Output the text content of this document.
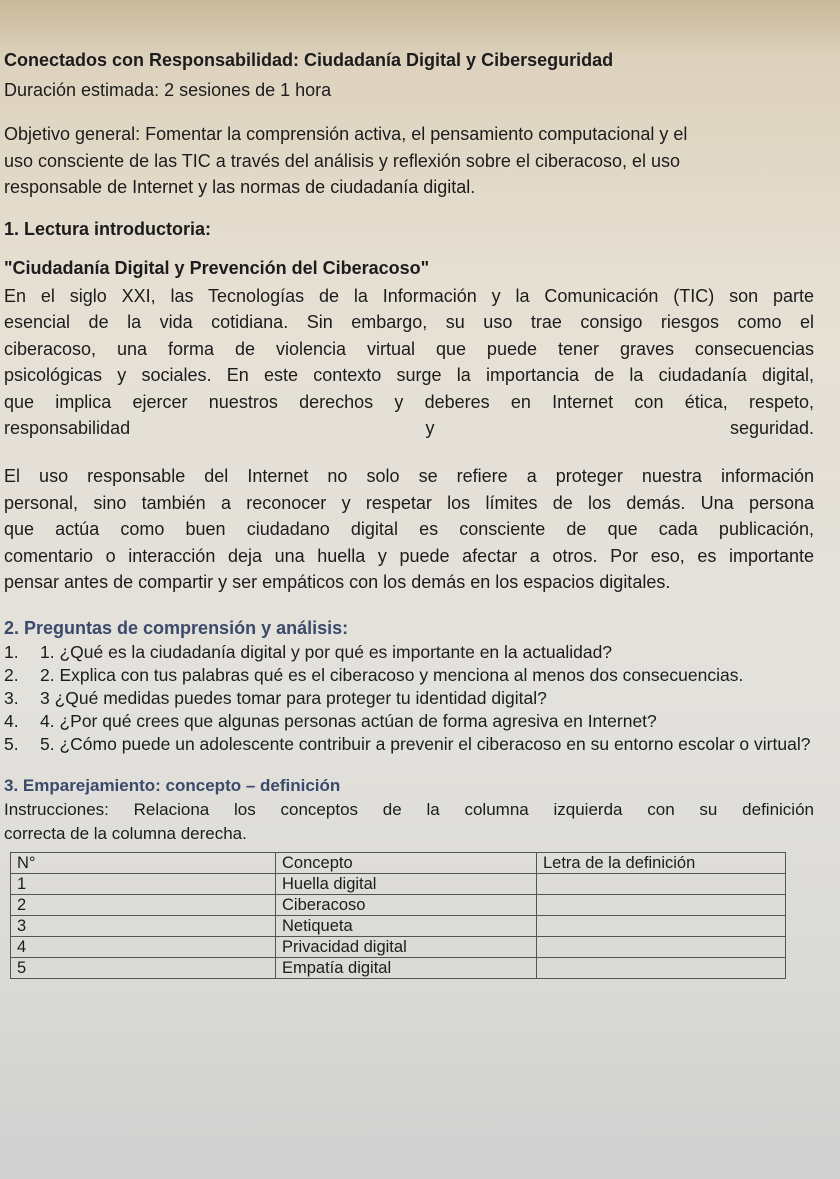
Conectados con Responsabilidad: Ciudadanía Digital y Ciberseguridad

Duración estimada: 2 sesiones de 1 hora

Objetivo general: Fomentar la comprensión activa, el pensamiento computacional y el

uso consciente de las TIC a través del análisis y reflexión sobre el ciberacoso, el uso

responsable de Internet y las normas de ciudadanía digital.

1. Lectura introductoria:

"Ciudadanía Digital y Prevención del Ciberacoso"

En el siglo XXI, las Tecnologías de la Información y la Comunicación (TIC) son parte

esencial de la vida cotidiana. Sin embargo, su uso trae consigo riesgos como el

ciberacoso, una forma de violencia virtual que puede tener graves consecuencias

psicológicas y sociales. En este contexto surge la importancia de la ciudadanía digital,

que implica ejercer nuestros derechos y deberes en Internet con ética, respeto,

responsabilidad	y	seguridad.

El uso responsable del Internet no solo se refiere a proteger nuestra información

personal, sino también a reconocer y respetar los límites de los demás. Una persona

que actúa como buen ciudadano digital es consciente de que cada publicación,

comentario o interacción deja una huella y puede afectar a otros. Por eso, es importante

pensar antes de compartir y ser empáticos con los demás en los espacios digitales.

2. Preguntas de comprensión y análisis:

1.	1. ¿Qué es la ciudadanía digital y por qué es importante en la actualidad?
2.	2. Explica con tus palabras qué es el ciberacoso y menciona al menos dos consecuencias.
3.	3 ¿Qué medidas puedes tomar para proteger tu identidad digital?
4.	4. ¿Por qué crees que algunas personas actúan de forma agresiva en Internet?
5.	5. ¿Cómo puede un adolescente contribuir a prevenir el ciberacoso en su entorno escolar o virtual?

3. Emparejamiento: concepto – definición

Instrucciones: Relaciona los conceptos de la columna izquierda con su definición

correcta de la columna derecha.

N°	Concepto	Letra de la definición
1	Huella digital	
2	Ciberacoso	
3	Netiqueta	
4	Privacidad digital	
5	Empatía digital	
